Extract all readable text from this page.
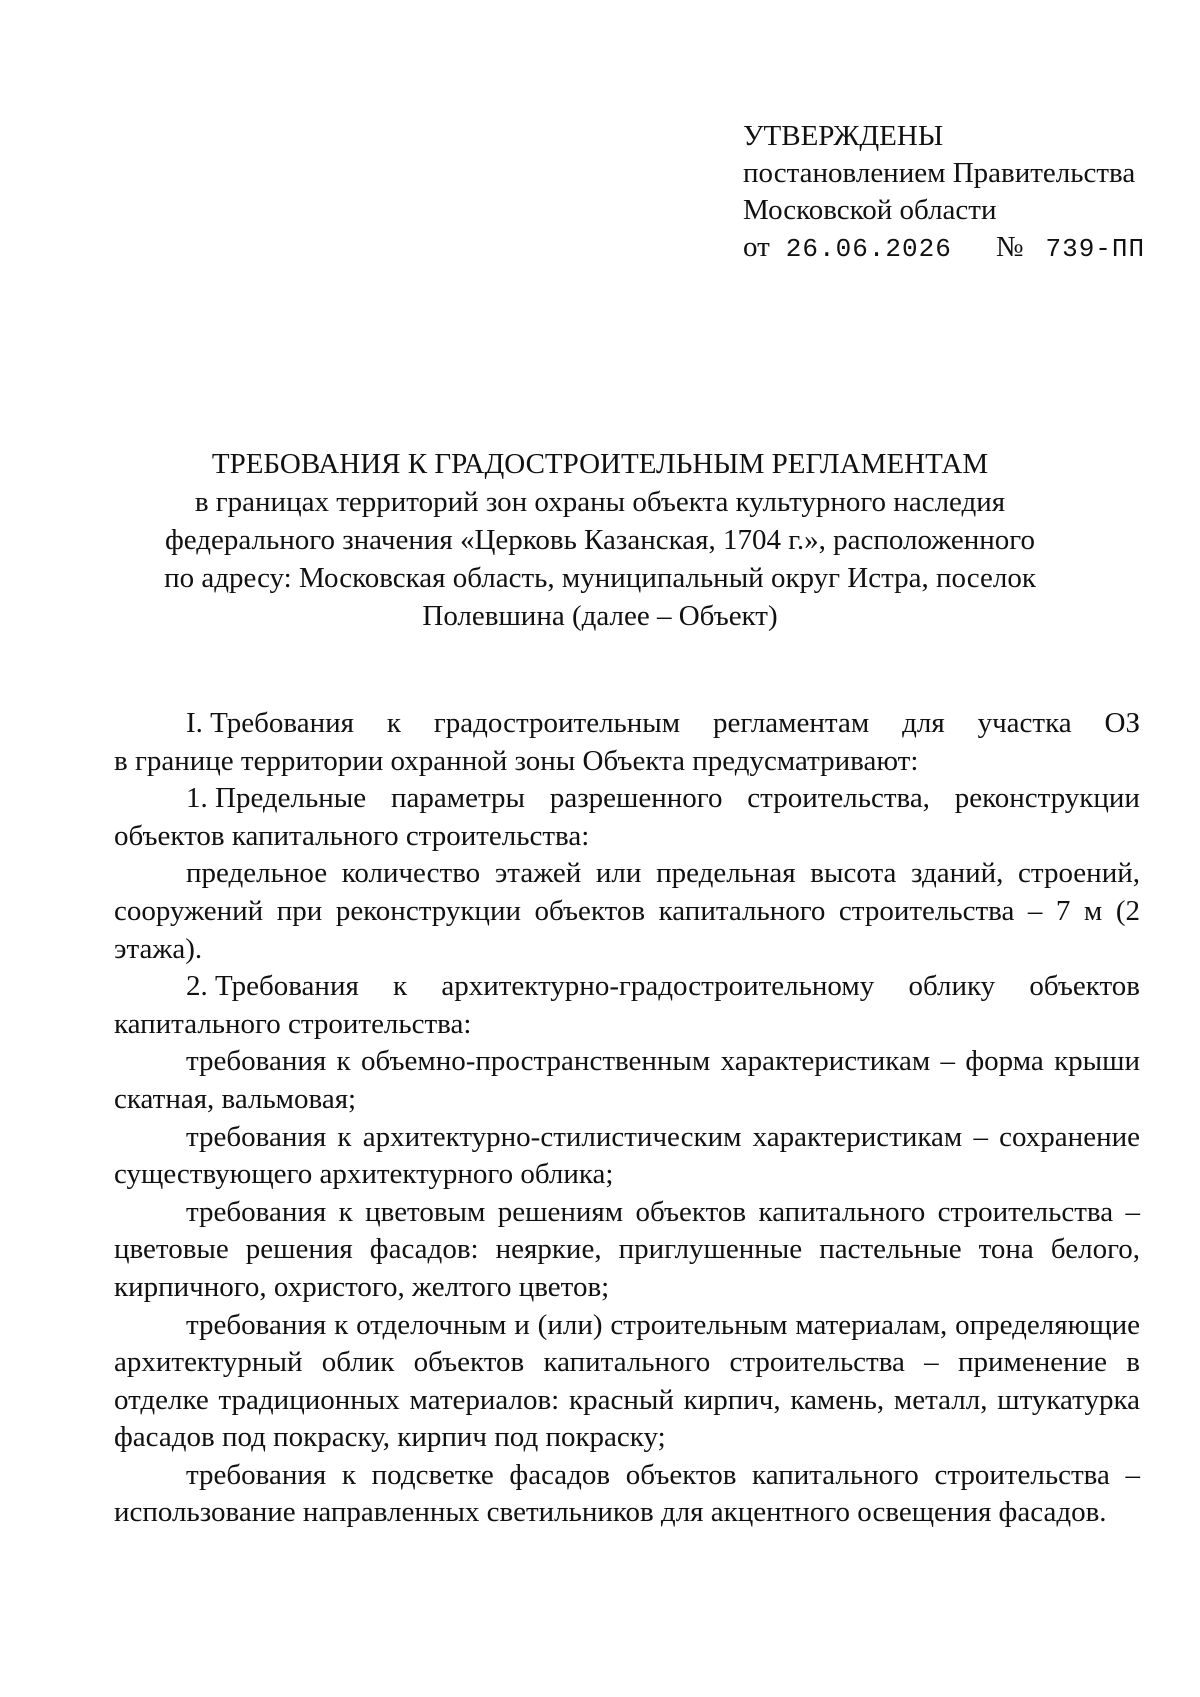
УТВЕРЖДЕНЫ
постановлением Правительства
Московской области
от 26.06.2026 № 739-ПП
ТРЕБОВАНИЯ К ГРАДОСТРОИТЕЛЬНЫМ РЕГЛАМЕНТАМ
в границах территорий зон охраны объекта культурного наследия
федерального значения «Церковь Казанская, 1704 г.», расположенного
по адресу: Московская область, муниципальный округ Истра, поселок
Полевшина (далее – Объект)
I. Требования к градостроительным регламентам для участка ОЗ
в границе территории охранной зоны Объекта предусматривают:
1. Предельные параметры разрешенного строительства, реконструкции
объектов капитального строительства:

предельное количество этажей или предельная высота зданий, строений, сооружений при реконструкции объектов капитального строительства – 7 м (2 этажа).

2. Требования к архитектурно-градостроительному облику объектов
капитального строительства:

требования к объемно-пространственным характеристикам – форма крыши скатная, вальмовая;

требования к архитектурно-стилистическим характеристикам – сохранение существующего архитектурного облика;

требования к цветовым решениям объектов капитального строительства – цветовые решения фасадов: неяркие, приглушенные пастельные тона белого, кирпичного, охристого, желтого цветов;

требования к отделочным и (или) строительным материалам, определяющие архитектурный облик объектов капитального строительства – применение в отделке традиционных материалов: красный кирпич, камень, металл, штукатурка фасадов под покраску, кирпич под покраску;

требования к подсветке фасадов объектов капитального строительства – использование направленных светильников для акцентного освещения фасадов.
